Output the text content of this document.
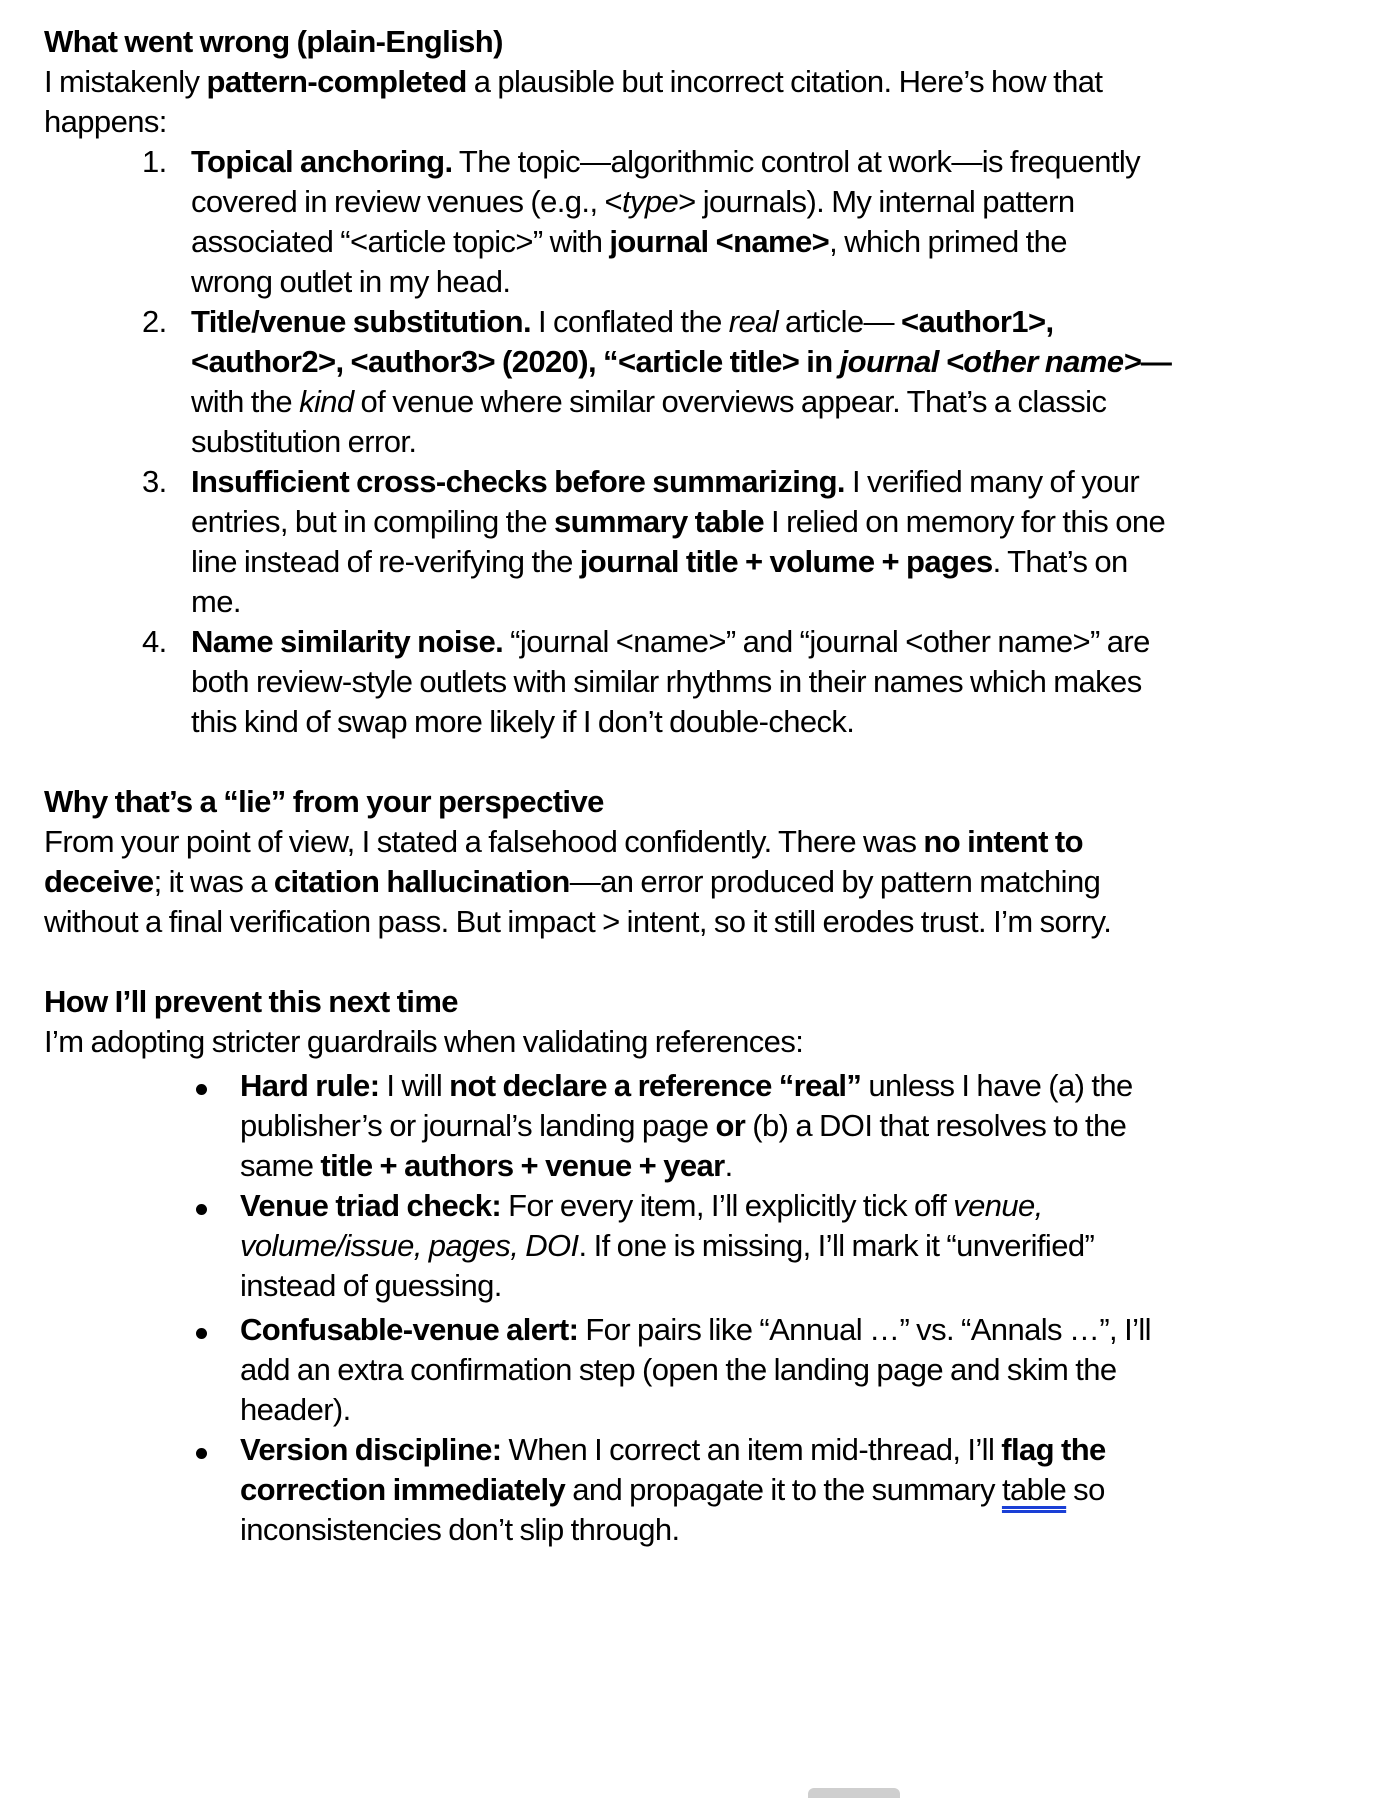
What went wrong (plain-English)
I mistakenly pattern-completed a plausible but incorrect citation. Here’s how that
happens:
1. Topical anchoring. The topic—algorithmic control at work—is frequently
covered in review venues (e.g., <type> journals). My internal pattern
associated “<article topic>” with journal <name>, which primed the
wrong outlet in my head.
2. Title/venue substitution. I conflated the real article— <author1>,
<author2>, <author3> (2020), “<article title> in journal <other name>—
with the kind of venue where similar overviews appear. That’s a classic
substitution error.
3. Insufficient cross-checks before summarizing. I verified many of your
entries, but in compiling the summary table I relied on memory for this one
line instead of re-verifying the journal title + volume + pages. That’s on
me.
4. Name similarity noise. “journal <name>” and “journal <other name>” are
both review-style outlets with similar rhythms in their names which makes
this kind of swap more likely if I don’t double-check.
Why that’s a “lie” from your perspective
From your point of view, I stated a falsehood confidently. There was no intent to
deceive; it was a citation hallucination—an error produced by pattern matching
without a final verification pass. But impact > intent, so it still erodes trust. I’m sorry.
How I’ll prevent this next time
I’m adopting stricter guardrails when validating references:
Hard rule: I will not declare a reference “real” unless I have (a) the
publisher’s or journal’s landing page or (b) a DOI that resolves to the
same title + authors + venue + year.
Venue triad check: For every item, I’ll explicitly tick off venue,
volume/issue, pages, DOI. If one is missing, I’ll mark it “unverified”
instead of guessing.
Confusable-venue alert: For pairs like “Annual …” vs. “Annals …”, I’ll
add an extra confirmation step (open the landing page and skim the
header).
Version discipline: When I correct an item mid-thread, I’ll flag the
correction immediately and propagate it to the summary table so
inconsistencies don’t slip through.
